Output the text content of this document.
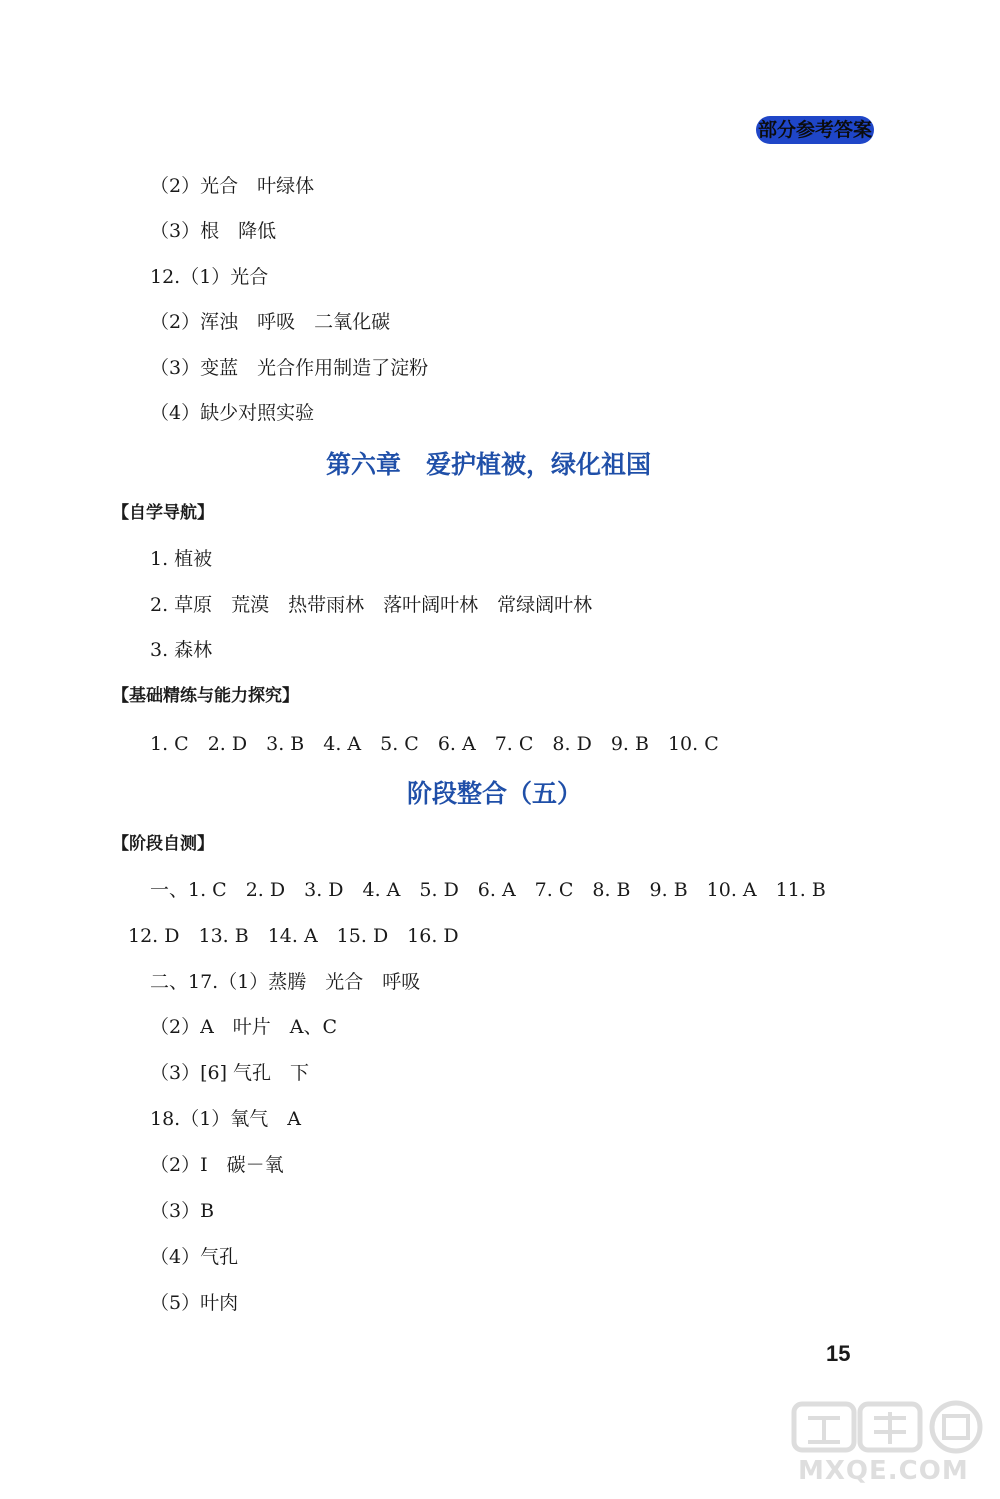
部分参考答案
（2）光合　叶绿体
（3）根　降低
12.（1）光合
（2）浑浊　呼吸　二氧化碳
（3）变蓝　光合作用制造了淀粉
（4）缺少对照实验
第六章　爱护植被，绿化祖国
【自学导航】
1. 植被
2. 草原　荒漠　热带雨林　落叶阔叶林　常绿阔叶林
3. 森林
【基础精练与能力探究】
1. C　2. D　3. B　4. A　5. C　6. A　7. C　8. D　9. B　10. C
阶段整合（五）
【阶段自测】
一、1. C　2. D　3. D　4. A　5. D　6. A　7. C　8. B　9. B　10. A　11. B
12. D　13. B　14. A　15. D　16. D
二、17.（1）蒸腾　光合　呼吸
（2）A　叶片　A、C
（3）[6] 气孔　下
18.（1）氧气　A
（2）Ⅰ　碳－氧
（3）B
（4）气孔
（5）叶肉
15
MXQE.COM
